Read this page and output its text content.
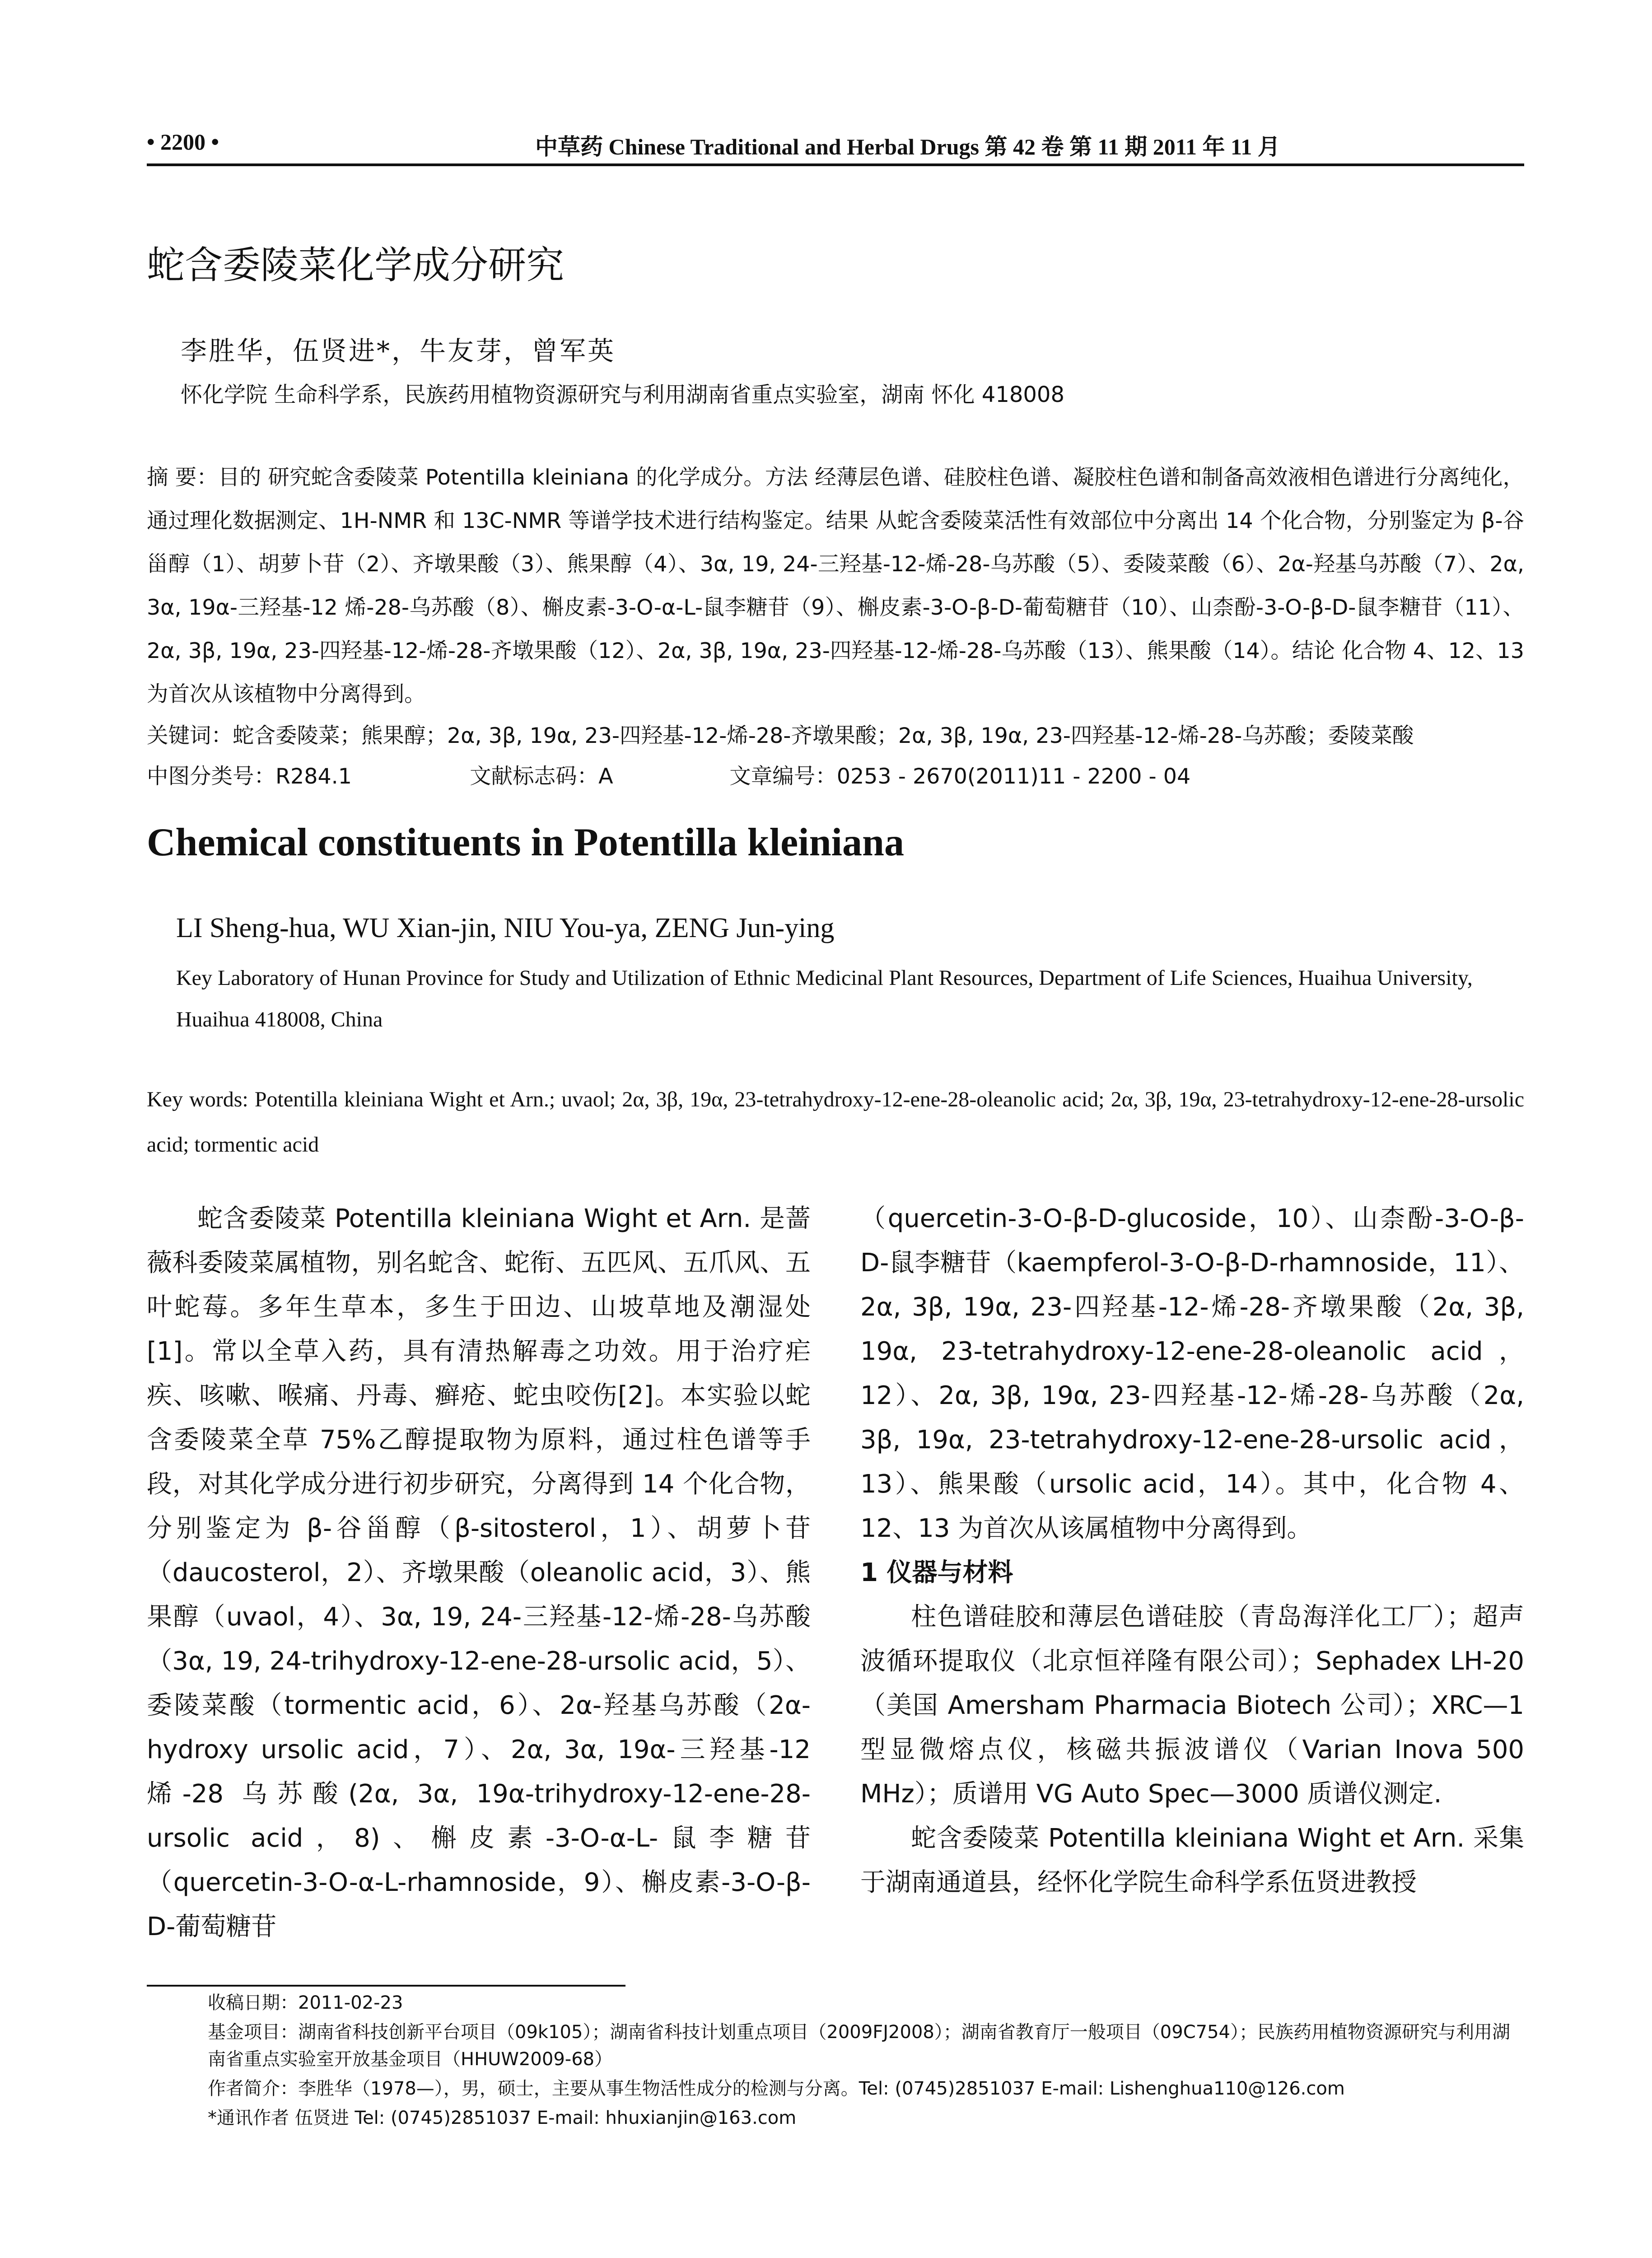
• 2200 •	中草药 Chinese Traditional and Herbal Drugs 第 42 卷 第 11 期 2011 年 11 月
蛇含委陵菜化学成分研究
李胜华，伍贤进*，牛友芽，曾军英
怀化学院 生命科学系，民族药用植物资源研究与利用湖南省重点实验室，湖南 怀化 418008
摘 要：目的 研究蛇含委陵菜 Potentilla kleiniana 的化学成分。方法 经薄层色谱、硅胶柱色谱、凝胶柱色谱和制备高效液相色谱进行分离纯化，通过理化数据测定、1H-NMR 和 13C-NMR 等谱学技术进行结构鉴定。结果 从蛇含委陵菜活性有效部位中分离出 14 个化合物，分别鉴定为 β-谷甾醇（1）、胡萝卜苷（2）、齐墩果酸（3）、熊果醇（4）、3α, 19, 24-三羟基-12-烯-28-乌苏酸（5）、委陵菜酸（6）、2α-羟基乌苏酸（7）、2α, 3α, 19α-三羟基-12 烯-28-乌苏酸（8）、槲皮素-3-O-α-L-鼠李糖苷（9）、槲皮素-3-O-β-D-葡萄糖苷（10）、山柰酚-3-O-β-D-鼠李糖苷（11）、2α, 3β, 19α, 23-四羟基-12-烯-28-齐墩果酸（12）、2α, 3β, 19α, 23-四羟基-12-烯-28-乌苏酸（13）、熊果酸（14）。结论 化合物 4、12、13 为首次从该植物中分离得到。
关键词：蛇含委陵菜；熊果醇；2α, 3β, 19α, 23-四羟基-12-烯-28-齐墩果酸；2α, 3β, 19α, 23-四羟基-12-烯-28-乌苏酸；委陵菜酸
中图分类号：R284.1	文献标志码：A	文章编号：0253 - 2670(2011)11 - 2200 - 04
Chemical constituents in Potentilla kleiniana
LI Sheng-hua, WU Xian-jin, NIU You-ya, ZENG Jun-ying
Key Laboratory of Hunan Province for Study and Utilization of Ethnic Medicinal Plant Resources, Department of Life Sciences, Huaihua University, Huaihua 418008, China
Key words: Potentilla kleiniana Wight et Arn.; uvaol; 2α, 3β, 19α, 23-tetrahydroxy-12-ene-28-oleanolic acid; 2α, 3β, 19α, 23-tetrahydroxy-12-ene-28-ursolic acid; tormentic acid

蛇含委陵菜 Potentilla kleiniana Wight et Arn. 是蔷薇科委陵菜属植物，别名蛇含、蛇衔、五匹风、五爪风、五叶蛇莓。多年生草本，多生于田边、山坡草地及潮湿处[1]。常以全草入药，具有清热解毒之功效。用于治疗疟疾、咳嗽、喉痛、丹毒、癣疮、蛇虫咬伤[2]。本实验以蛇含委陵菜全草 75%乙醇提取物为原料，通过柱色谱等手段，对其化学成分进行初步研究，分离得到 14 个化合物，分别鉴定为 β-谷甾醇（β-sitosterol，1）、胡萝卜苷（daucosterol，2）、齐墩果酸（oleanolic acid，3）、熊果醇（uvaol，4）、3α, 19, 24-三羟基-12-烯-28-乌苏酸（3α, 19, 24-trihydroxy-12-ene-28-ursolic acid，5）、委陵菜酸（tormentic acid，6）、2α-羟基乌苏酸（2α-hydroxy ursolic acid，7）、2α, 3α, 19α-三羟基-12 烯-28 乌苏酸(2α, 3α, 19α-trihydroxy-12-ene-28-ursolic acid，8)、槲皮素-3-O-α-L-鼠李糖苷（quercetin-3-O-α-L-rhamnoside，9）、槲皮素-3-O-β-D-葡萄糖苷

（quercetin-3-O-β-D-glucoside，10）、山柰酚-3-O-β-D-鼠李糖苷（kaempferol-3-O-β-D-rhamnoside，11）、2α, 3β, 19α, 23-四羟基-12-烯-28-齐墩果酸（2α, 3β, 19α, 23-tetrahydroxy-12-ene-28-oleanolic acid，12）、2α, 3β, 19α, 23-四羟基-12-烯-28-乌苏酸（2α, 3β, 19α, 23-tetrahydroxy-12-ene-28-ursolic acid，13）、熊果酸（ursolic acid，14）。其中，化合物 4、12、13 为首次从该属植物中分离得到。

1 仪器与材料

柱色谱硅胶和薄层色谱硅胶（青岛海洋化工厂）；超声波循环提取仪（北京恒祥隆有限公司）；Sephadex LH-20（美国 Amersham Pharmacia Biotech 公司）；XRC—1 型显微熔点仪，核磁共振波谱仪（Varian Inova 500 MHz）；质谱用 VG Auto Spec—3000 质谱仪测定.

蛇含委陵菜 Potentilla kleiniana Wight et Arn. 采集于湖南通道县，经怀化学院生命科学系伍贤进教授

收稿日期：2011-02-23
基金项目：湖南省科技创新平台项目（09k105）；湖南省科技计划重点项目（2009FJ2008）；湖南省教育厅一般项目（09C754）；民族药用植物资源研究与利用湖南省重点实验室开放基金项目（HHUW2009-68）
作者简介：李胜华（1978—），男，硕士，主要从事生物活性成分的检测与分离。Tel: (0745)2851037 E-mail: Lishenghua110@126.com
*通讯作者 伍贤进 Tel: (0745)2851037 E-mail: hhuxianjin@163.com
